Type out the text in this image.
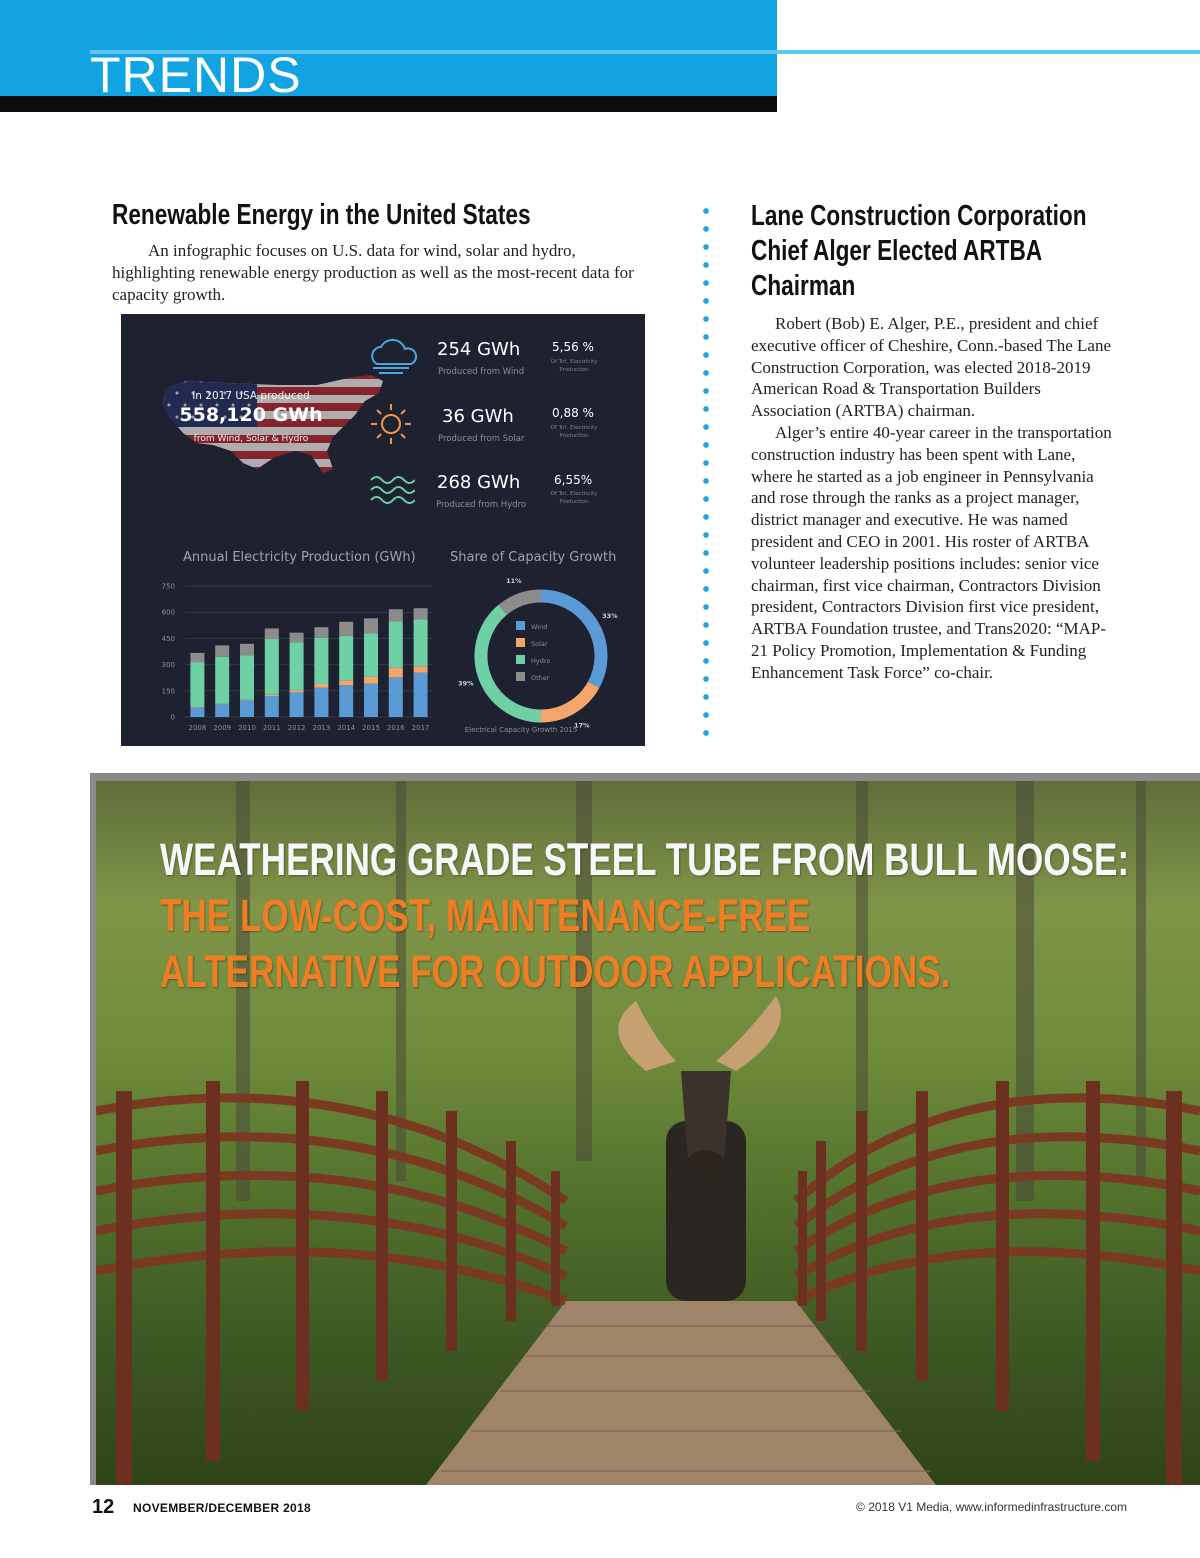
TRENDS
Renewable Energy in the United States

An infographic focuses on U.S. data for wind, solar and hydro, highlighting renewable energy production as well as the most-recent data for capacity growth.

In 2017 USA produced
558,120 GWh
from Wind, Solar & Hydro
254 GWh
Produced from Wind
5,56 %
Of Tot. Electricity Production
36 GWh
Produced from Solar
0,88 %
Of Tot. Electricity Production
268 GWh
Produced from Hydro
6,55%
Of Tot. Electricity Production
Annual Electricity Production (GWh)	Share of Capacity Growth
Electrical Capacity Growth 2015
0
150
300
450
600
750
2008 2009 2010 2011 2012 2013 2014 2015 2016 2017
33%
17%
39%
11%
Wind
Solar
Hydro
Other
Lane Construction Corporation
Chief Alger Elected ARTBA
Chairman

Robert (Bob) E. Alger, P.E., president and chief executive officer of Cheshire, Conn.-based The Lane Construction Corporation, was elected 2018-2019 American Road & Transportation Builders Association (ARTBA) chairman.

Alger’s entire 40-year career in the transportation construction industry has been spent with Lane, where he started as a job engineer in Pennsylvania and rose through the ranks as a project manager, district manager and executive. He was named president and CEO in 2001. His roster of ARTBA volunteer leadership positions includes: senior vice chairman, first vice chairman, Contractors Division president, Contractors Division first vice president, ARTBA Foundation trustee, and Trans2020: “MAP-21 Policy Promotion, Implementation & Funding Enhancement Task Force” co-chair.

WEATHERING GRADE STEEL TUBE FROM BULL MOOSE:
THE LOW-COST, MAINTENANCE-FREE
ALTERNATIVE FOR OUTDOOR APPLICATIONS.
12 NOVEMBER/DECEMBER 2018	© 2018 V1 Media, www.informedinfrastructure.com
